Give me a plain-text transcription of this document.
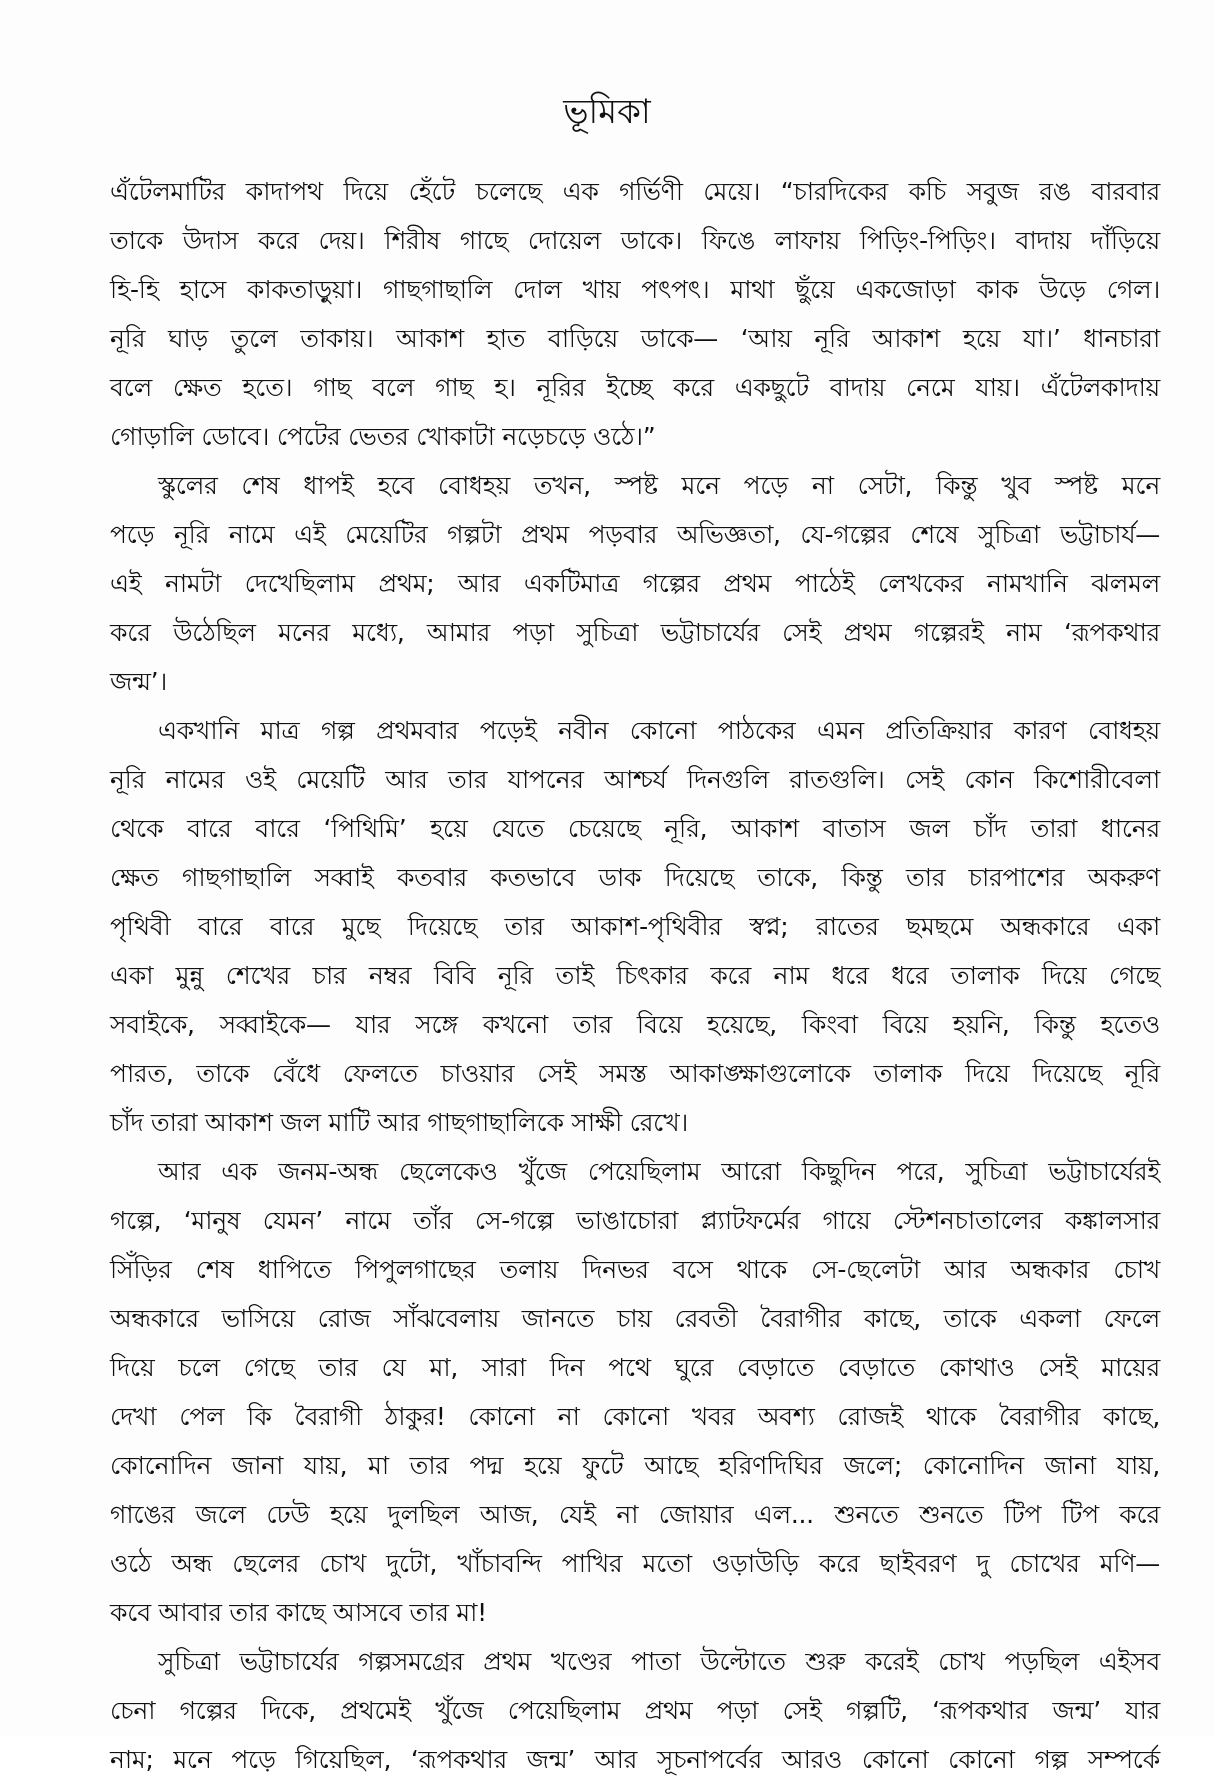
ভূমিকা
এঁটেলমাটির কাদাপথ দিয়ে হেঁটে চলেছে এক গর্ভিণী মেয়ে। “চারদিকের কচি সবুজ রঙ বারবার
তাকে উদাস করে দেয়। শিরীষ গাছে দোয়েল ডাকে। ফিঙে লাফায় পিড়িং-পিড়িং। বাদায় দাঁড়িয়ে
হি-হি হাসে কাকতাড়ুয়া। গাছগাছালি দোল খায় পৎপৎ। মাথা ছুঁয়ে একজোড়া কাক উড়ে গেল।
নূরি ঘাড় তুলে তাকায়। আকাশ হাত বাড়িয়ে ডাকে— ‘আয় নূরি আকাশ হয়ে যা।’ ধানচারা
বলে ক্ষেত হতে। গাছ বলে গাছ হ। নূরির ইচ্ছে করে একছুটে বাদায় নেমে যায়। এঁটেলকাদায়
গোড়ালি ডোবে। পেটের ভেতর খোকাটা নড়েচড়ে ওঠে।”
স্কুলের শেষ ধাপই হবে বোধহয় তখন, স্পষ্ট মনে পড়ে না সেটা, কিন্তু খুব স্পষ্ট মনে
পড়ে নূরি নামে এই মেয়েটির গল্পটা প্রথম পড়বার অভিজ্ঞতা, যে-গল্পের শেষে সুচিত্রা ভট্টাচার্য—
এই নামটা দেখেছিলাম প্রথম; আর একটিমাত্র গল্পের প্রথম পাঠেই লেখকের নামখানি ঝলমল
করে উঠেছিল মনের মধ্যে, আমার পড়া সুচিত্রা ভট্টাচার্যের সেই প্রথম গল্পেরই নাম ‘রূপকথার
জন্ম’।
একখানি মাত্র গল্প প্রথমবার পড়েই নবীন কোনো পাঠকের এমন প্রতিক্রিয়ার কারণ বোধহয়
নূরি নামের ওই মেয়েটি আর তার যাপনের আশ্চর্য দিনগুলি রাতগুলি। সেই কোন কিশোরীবেলা
থেকে বারে বারে ‘পিথিমি’ হয়ে যেতে চেয়েছে নূরি, আকাশ বাতাস জল চাঁদ তারা ধানের
ক্ষেত গাছগাছালি সব্বাই কতবার কতভাবে ডাক দিয়েছে তাকে, কিন্তু তার চারপাশের অকরুণ
পৃথিবী বারে বারে মুছে দিয়েছে তার আকাশ-পৃথিবীর স্বপ্ন; রাতের ছমছমে অন্ধকারে একা
একা মুন্নু শেখের চার নম্বর বিবি নূরি তাই চিৎকার করে নাম ধরে ধরে তালাক দিয়ে গেছে
সবাইকে, সব্বাইকে— যার সঙ্গে কখনো তার বিয়ে হয়েছে, কিংবা বিয়ে হয়নি, কিন্তু হতেও
পারত, তাকে বেঁধে ফেলতে চাওয়ার সেই সমস্ত আকাঙ্ক্ষাগুলোকে তালাক দিয়ে দিয়েছে নূরি
চাঁদ তারা আকাশ জল মাটি আর গাছগাছালিকে সাক্ষী রেখে।
আর এক জনম-অন্ধ ছেলেকেও খুঁজে পেয়েছিলাম আরো কিছুদিন পরে, সুচিত্রা ভট্টাচার্যেরই
গল্পে, ‘মানুষ যেমন’ নামে তাঁর সে-গল্পে ভাঙাচোরা প্ল্যাটফর্মের গায়ে স্টেশনচাতালের কঙ্কালসার
সিঁড়ির শেষ ধাপিতে পিপুলগাছের তলায় দিনভর বসে থাকে সে-ছেলেটা আর অন্ধকার চোখ
অন্ধকারে ভাসিয়ে রোজ সাঁঝবেলায় জানতে চায় রেবতী বৈরাগীর কাছে, তাকে একলা ফেলে
দিয়ে চলে গেছে তার যে মা, সারা দিন পথে ঘুরে বেড়াতে বেড়াতে কোথাও সেই মায়ের
দেখা পেল কি বৈরাগী ঠাকুর! কোনো না কোনো খবর অবশ্য রোজই থাকে বৈরাগীর কাছে,
কোনোদিন জানা যায়, মা তার পদ্ম হয়ে ফুটে আছে হরিণদিঘির জলে; কোনোদিন জানা যায়,
গাঙের জলে ঢেউ হয়ে দুলছিল আজ, যেই না জোয়ার এল... শুনতে শুনতে টিপ টিপ করে
ওঠে অন্ধ ছেলের চোখ দুটো, খাঁচাবন্দি পাখির মতো ওড়াউড়ি করে ছাইবরণ দু চোখের মণি—
কবে আবার তার কাছে আসবে তার মা!
সুচিত্রা ভট্টাচার্যের গল্পসমগ্রের প্রথম খণ্ডের পাতা উল্টোতে শুরু করেই চোখ পড়ছিল এইসব
চেনা গল্পের দিকে, প্রথমেই খুঁজে পেয়েছিলাম প্রথম পড়া সেই গল্পটি, ‘রূপকথার জন্ম’ যার
নাম; মনে পড়ে গিয়েছিল, ‘রূপকথার জন্ম’ আর সূচনাপর্বের আরও কোনো কোনো গল্প সম্পর্কে
